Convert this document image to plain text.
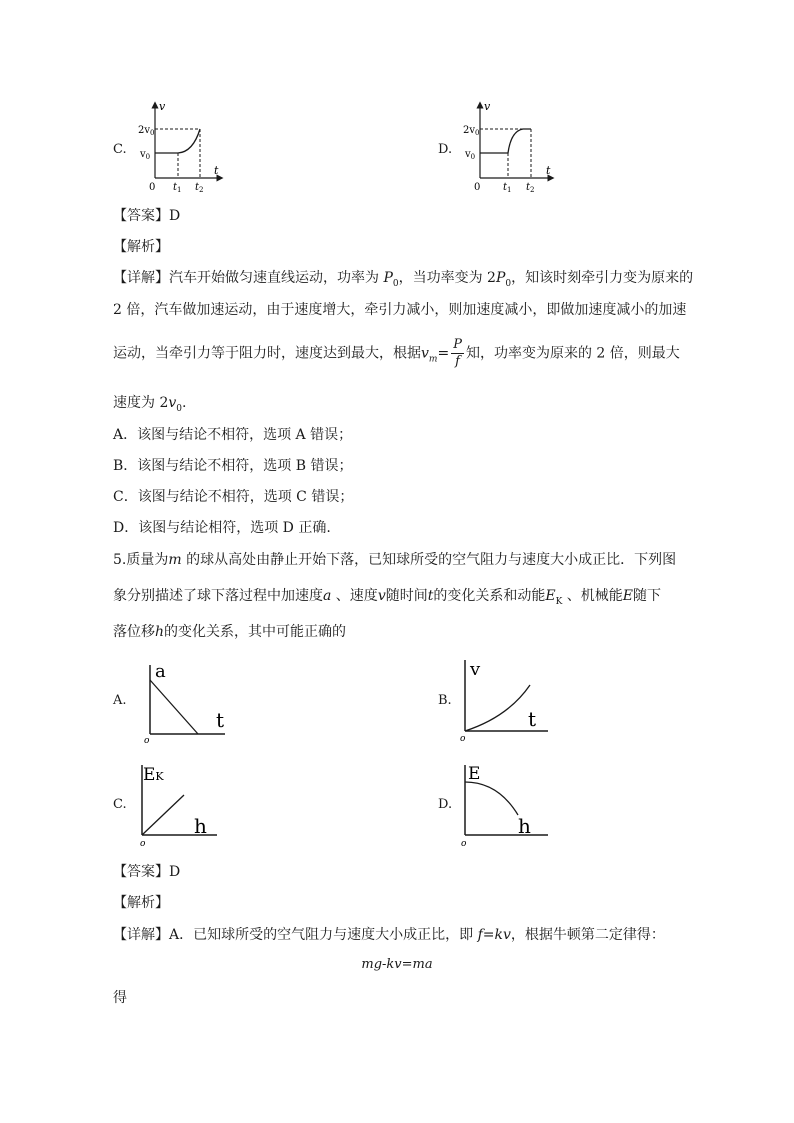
C.
v
$2v_0$
$v_0$
0 $t_1$ $t_2$
t
D.
v
$2v_0$
$v_0$
0 $t_1$ $t_2$
t
【答案】D
【解析】
【详解】汽车开始做匀速直线运动，功率为 $P_0$，当功率变为 $2P_0$，知该时刻牵引力变为原来的
2 倍，汽车做加速运动，由于速度增大，牵引力减小，则加速度减小，即做加速度减小的加速
运动，当牵引力等于阻力时，速度达到最大，根据$v_m= \frac{P}{f}$ 知，功率变为原来的 2 倍，则最大
速度为 $2v_0$.
A．该图与结论不相符，选项 A 错误；
B．该图与结论不相符，选项 B 错误；
C．该图与结论不相符，选项 C 错误；
D．该图与结论相符，选项 D 正确.
5.质量为m 的球从高处由静止开始下落，已知球所受的空气阻力与速度大小成正比．下列图
象分别描述了球下落过程中加速度a 、速度v随时间t的变化关系和动能$E_K$ 、机械能E随下
落位移h的变化关系，其中可能正确的
A.
a
t
o
B.
v
t
o
C.
EK
h
o
D.
E
h
o
【答案】D
【解析】
【详解】A．已知球所受的空气阻力与速度大小成正比，即 f=kv，根据牛顿第二定律得：
mg-kv=ma
得
